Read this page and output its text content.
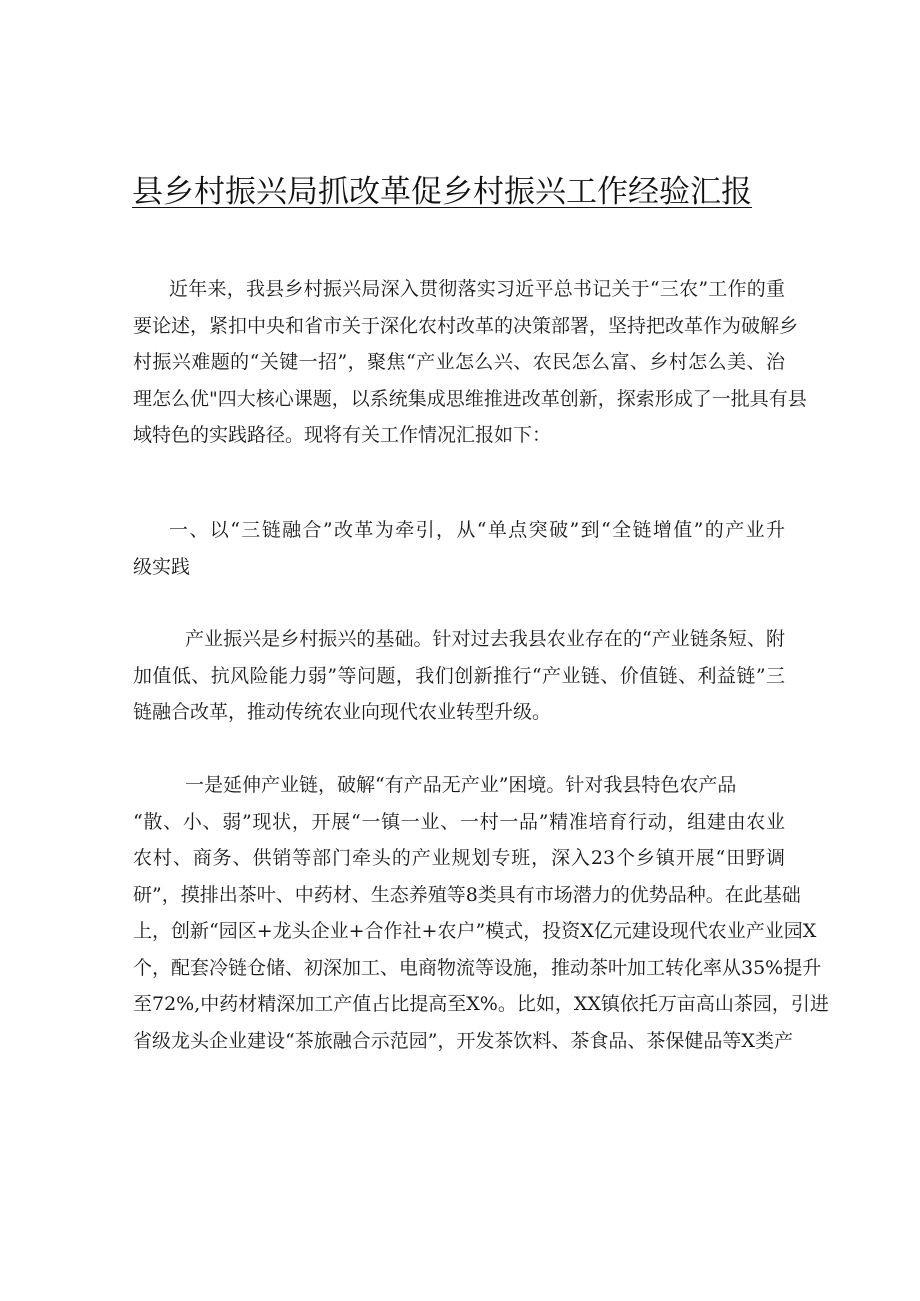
县乡村振兴局抓改革促乡村振兴工作经验汇报
近年来，我县乡村振兴局深入贯彻落实习近平总书记关于“三农”工作的重
要论述，紧扣中央和省市关于深化农村改革的决策部署，坚持把改革作为破解乡
村振兴难题的“关键一招”，聚焦“产业怎么兴、农民怎么富、乡村怎么美、治
理怎么优"四大核心课题，以系统集成思维推进改革创新，探索形成了一批具有县
域特色的实践路径。现将有关工作情况汇报如下：
一、以“三链融合”改革为牵引，从“单点突破”到“全链增值”的产业升
级实践
产业振兴是乡村振兴的基础。针对过去我县农业存在的“产业链条短、附
加值低、抗风险能力弱”等问题，我们创新推行“产业链、价值链、利益链”三
链融合改革，推动传统农业向现代农业转型升级。
一是延伸产业链，破解“有产品无产业”困境。针对我县特色农产品
“散、小、弱”现状，开展“一镇一业、一村一品”精准培育行动，组建由农业
农村、商务、供销等部门牵头的产业规划专班，深入23个乡镇开展“田野调
研”，摸排出茶叶、中药材、生态养殖等8类具有市场潜力的优势品种。在此基础
上，创新“园区+龙头企业+合作社+农户”模式，投资X亿元建设现代农业产业园X
个，配套冷链仓储、初深加工、电商物流等设施，推动茶叶加工转化率从35%提升
至72%,中药材精深加工产值占比提高至X%。比如，XX镇依托万亩高山茶园，引进
省级龙头企业建设“茶旅融合示范园”，开发茶饮料、茶食品、茶保健品等X类产
